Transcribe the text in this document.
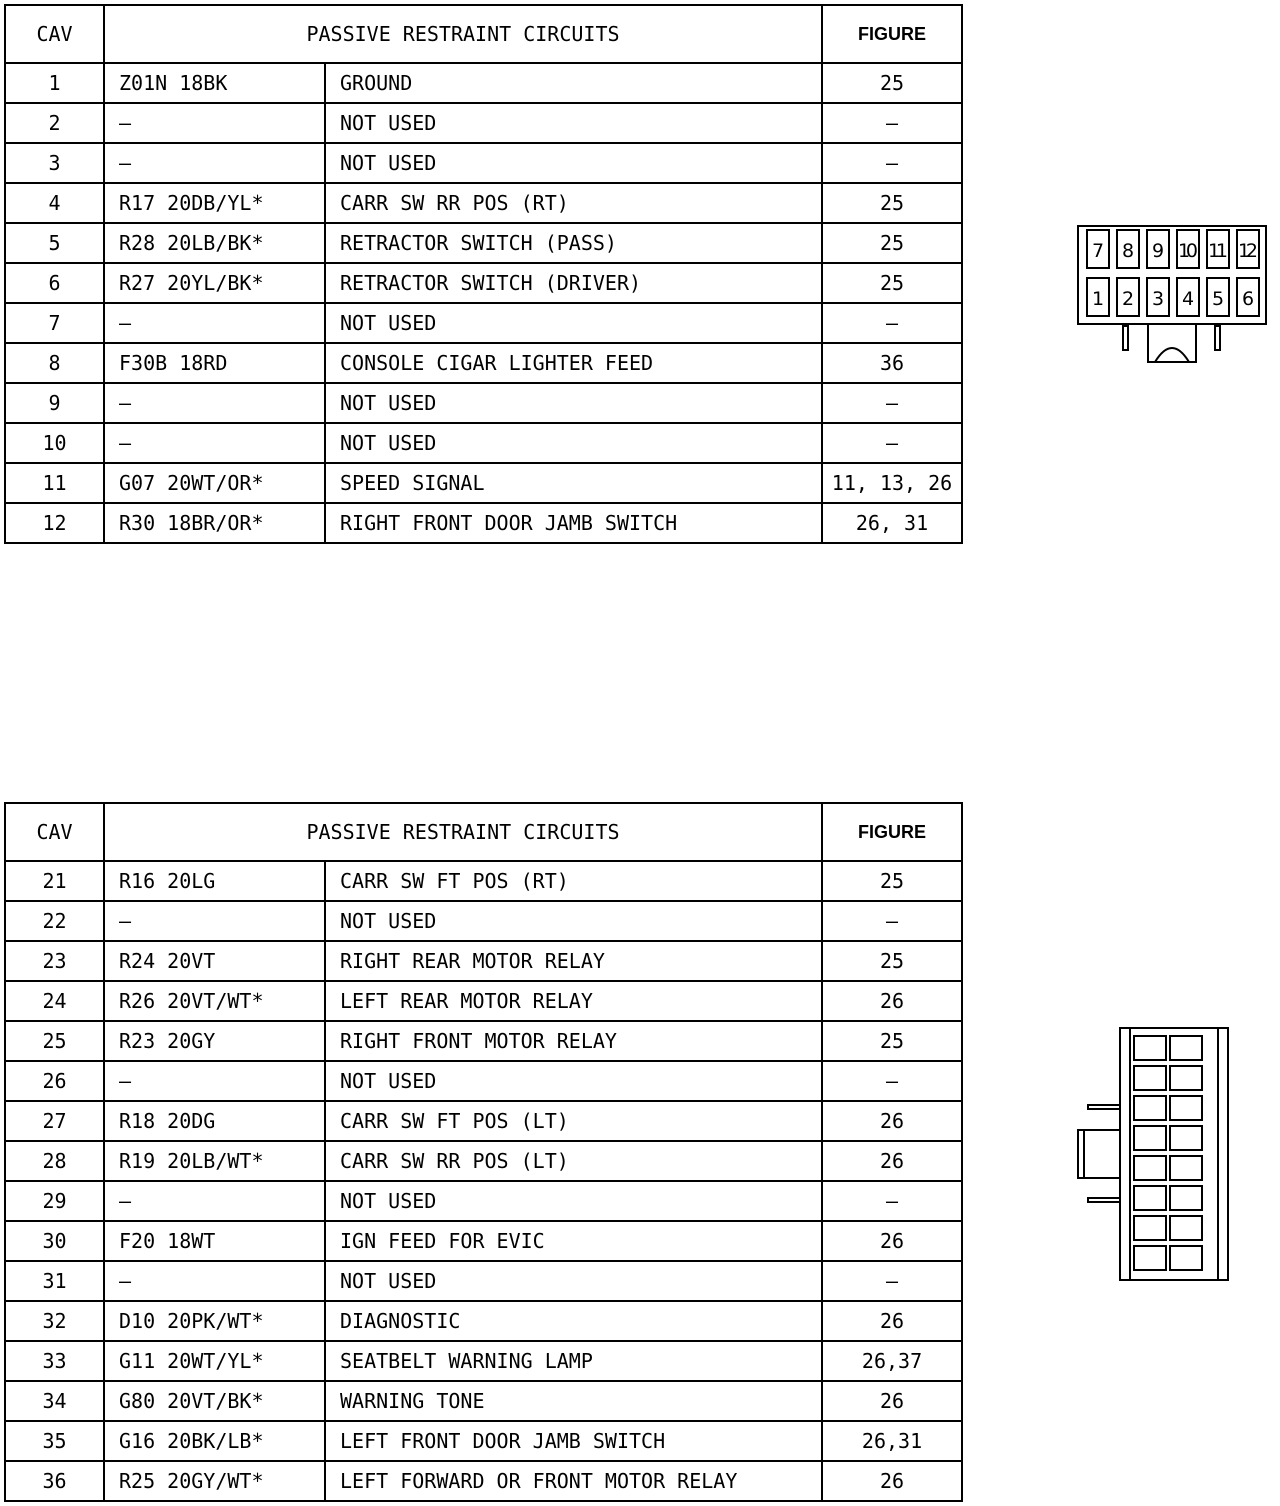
CAV	PASSIVE RESTRAINT CIRCUITS		FIGURE
1	Z01N 18BK	GROUND	25
2	–	NOT USED	–
3	–	NOT USED	–
4	R17 20DB/YL*	CARR SW RR POS (RT)	25
5	R28 20LB/BK*	RETRACTOR SWITCH (PASS)	25
6	R27 20YL/BK*	RETRACTOR SWITCH (DRIVER)	25
7	–	NOT USED	–
8	F30B 18RD	CONSOLE CIGAR LIGHTER FEED	36
9	–	NOT USED	–
10	–	NOT USED	–
11	G07 20WT/OR*	SPEED SIGNAL	11, 13, 26
12	R30 18BR/OR*	RIGHT FRONT DOOR JAMB SWITCH	26, 31
CAV	PASSIVE RESTRAINT CIRCUITS		FIGURE
21	R16 20LG	CARR SW FT POS (RT)	25
22	–	NOT USED	–
23	R24 20VT	RIGHT REAR MOTOR RELAY	25
24	R26 20VT/WT*	LEFT REAR MOTOR RELAY	26
25	R23 20GY	RIGHT FRONT MOTOR RELAY	25
26	–	NOT USED	–
27	R18 20DG	CARR SW FT POS (LT)	26
28	R19 20LB/WT*	CARR SW RR POS (LT)	26
29	–	NOT USED	–
30	F20 18WT	IGN FEED FOR EVIC	26
31	–	NOT USED	–
32	D10 20PK/WT*	DIAGNOSTIC	26
33	G11 20WT/YL*	SEATBELT WARNING LAMP	26,37
34	G80 20VT/BK*	WARNING TONE	26
35	G16 20BK/LB*	LEFT FRONT DOOR JAMB SWITCH	26,31
36	R25 20GY/WT*	LEFT FORWARD OR FRONT MOTOR RELAY	26
7 8 9 10 11 12
1 2 3 4 5 6
